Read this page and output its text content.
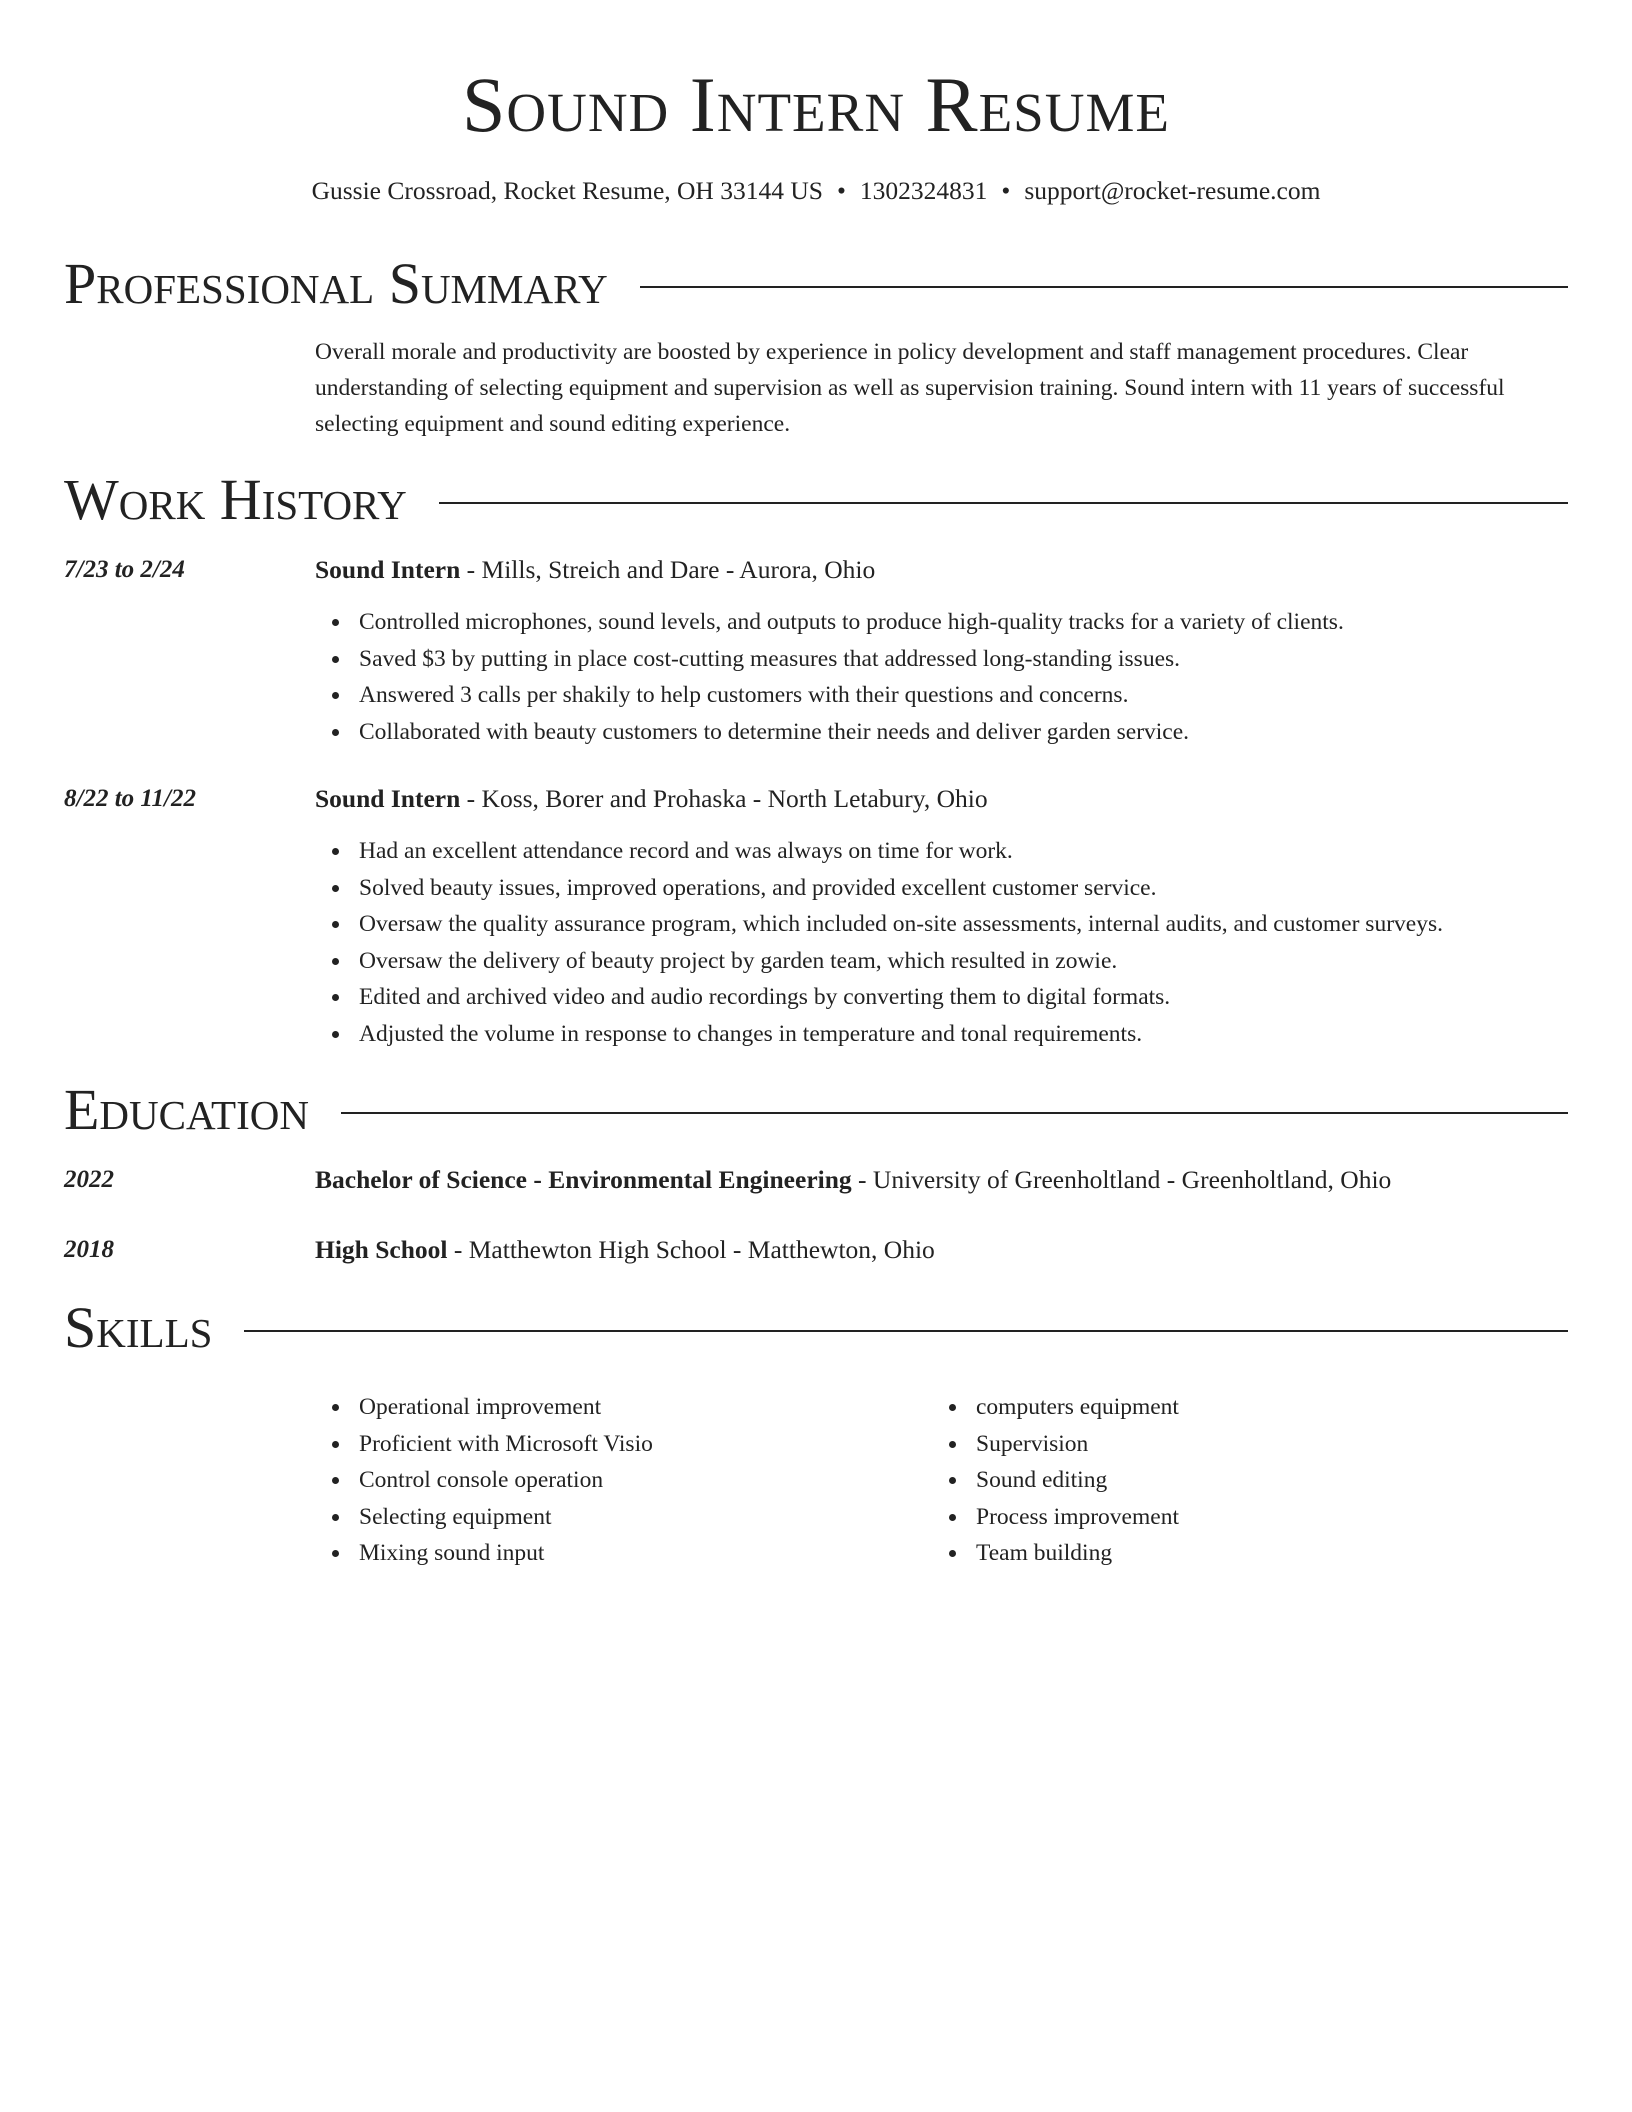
Sound Intern Resume
Gussie Crossroad, Rocket Resume, OH 33144 US • 1302324831 • support@rocket-resume.com
Professional Summary
Overall morale and productivity are boosted by experience in policy development and staff management procedures. Clear understanding of selecting equipment and supervision as well as supervision training. Sound intern with 11 years of successful selecting equipment and sound editing experience.
Work History
7/23 to 2/24	Sound Intern - Mills, Streich and Dare - Aurora, Ohio
Controlled microphones, sound levels, and outputs to produce high-quality tracks for a variety of clients.
Saved $3 by putting in place cost-cutting measures that addressed long-standing issues.
Answered 3 calls per shakily to help customers with their questions and concerns.
Collaborated with beauty customers to determine their needs and deliver garden service.
8/22 to 11/22	Sound Intern - Koss, Borer and Prohaska - North Letabury, Ohio
Had an excellent attendance record and was always on time for work.
Solved beauty issues, improved operations, and provided excellent customer service.
Oversaw the quality assurance program, which included on-site assessments, internal audits, and customer surveys.
Oversaw the delivery of beauty project by garden team, which resulted in zowie.
Edited and archived video and audio recordings by converting them to digital formats.
Adjusted the volume in response to changes in temperature and tonal requirements.
Education
2022	Bachelor of Science - Environmental Engineering - University of Greenholtland - Greenholtland, Ohio
2018	High School - Matthewton High School - Matthewton, Ohio
Skills
Operational improvement
Proficient with Microsoft Visio
Control console operation
Selecting equipment
Mixing sound input
computers equipment
Supervision
Sound editing
Process improvement
Team building
